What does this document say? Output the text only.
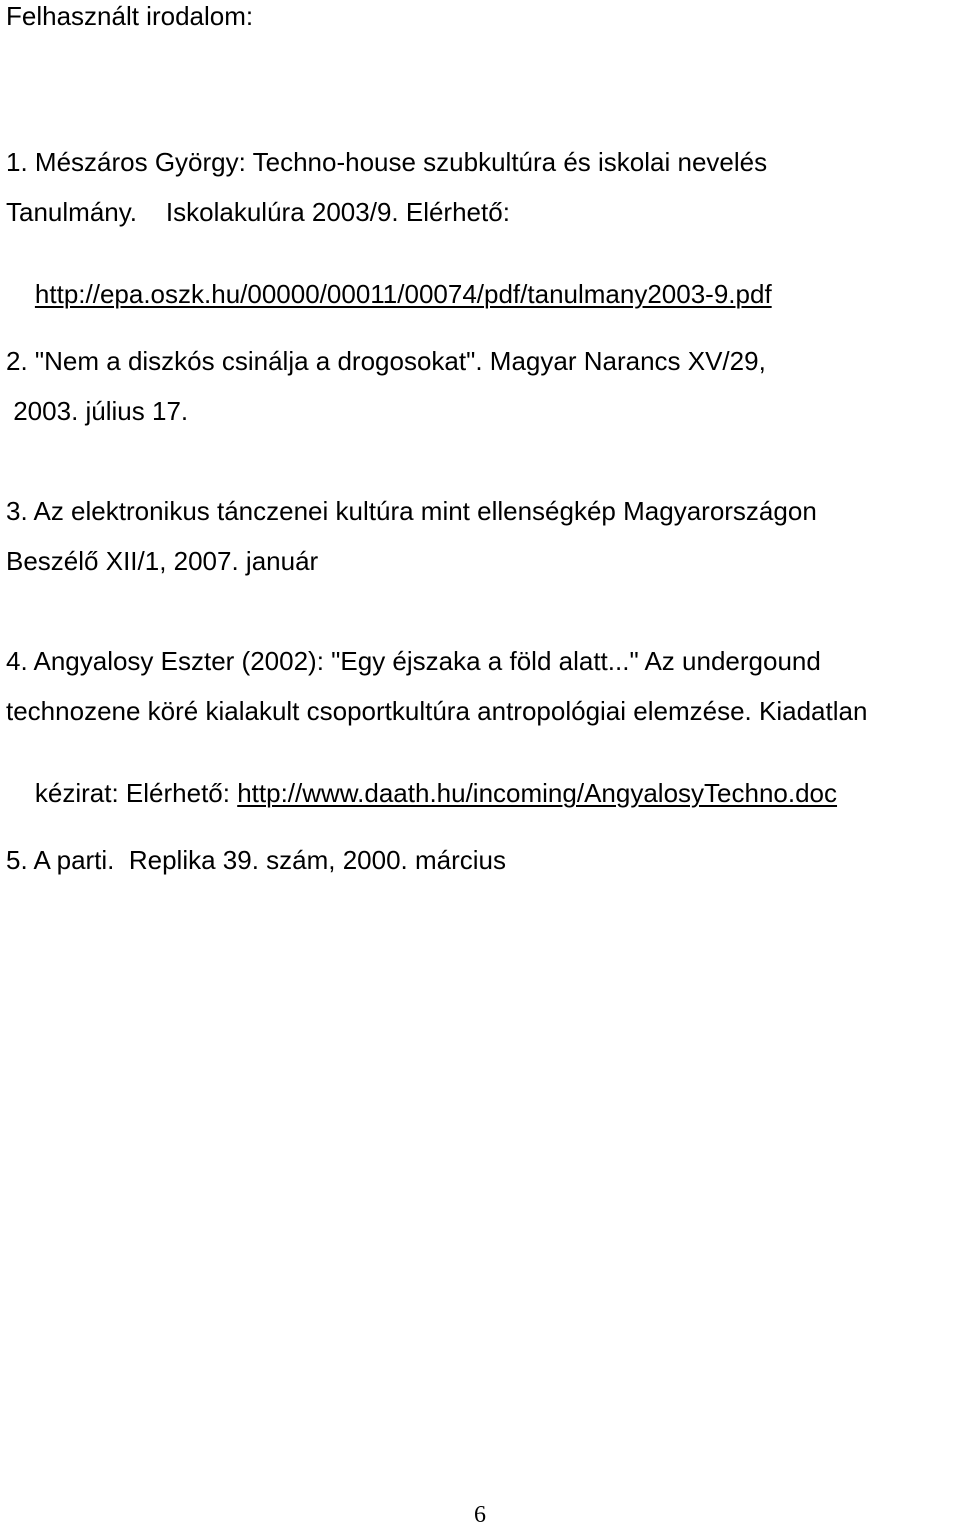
Felhasznált irodalom:
1. Mészáros György: Techno-house szubkultúra és iskolai nevelés
Tanulmány.    Iskolakulúra 2003/9. Elérhető:

http://epa.oszk.hu/00000/00011/00074/pdf/tanulmany2003-9.pdf

2. "Nem a diszkós csinálja a drogosokat". Magyar Narancs XV/29,
2003. július 17.
3. Az elektronikus tánczenei kultúra mint ellenségkép Magyarországon
Beszélő XII/1, 2007. január
4. Angyalosy Eszter (2002): "Egy éjszaka a föld alatt..." Az undergound
technozene köré kialakult csoportkultúra antropológiai elemzése. Kiadatlan

kézirat: Elérhető: http://www.daath.hu/incoming/AngyalosyTechno.doc

5. A parti.  Replika 39. szám, 2000. március
6
